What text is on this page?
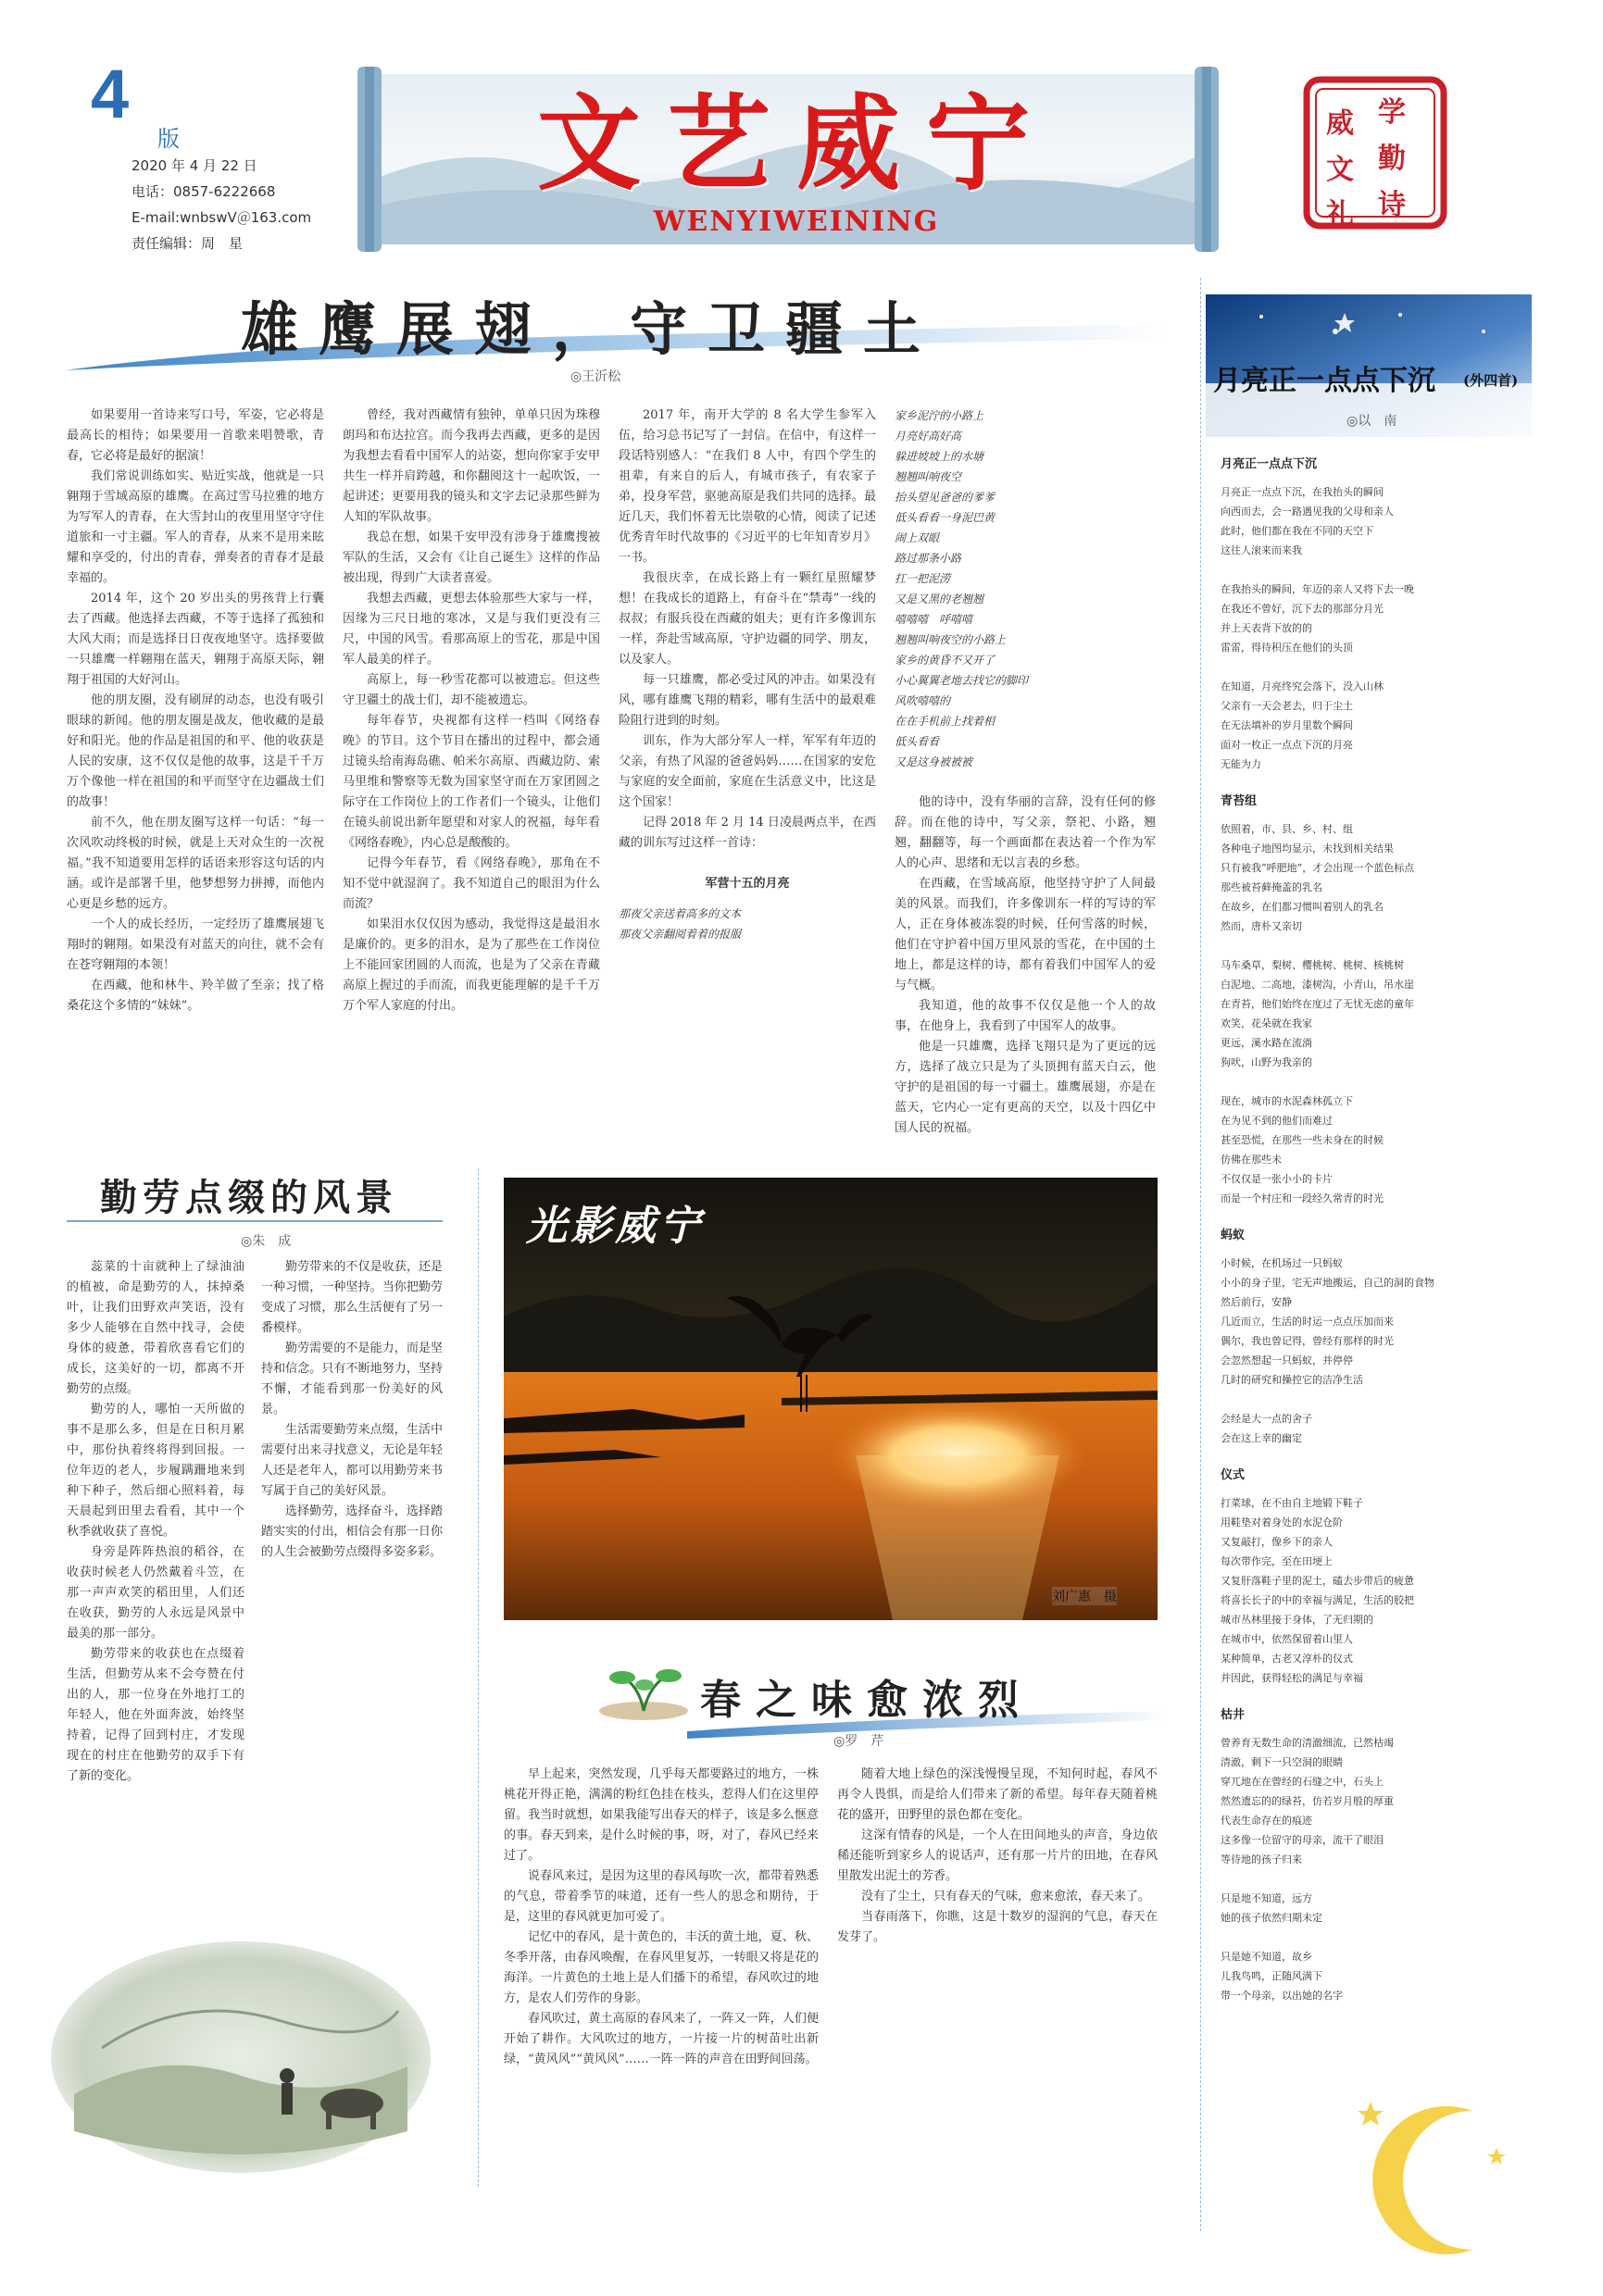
4
版
2020 年 4 月 22 日
电话：0857-6222668
E-mail:wnbswV＠163.com
责任编辑：周　星
文艺威宁
WENYIWEINING
学
勤
诗
威
文
礼
雄鹰展翅，守卫疆土
◎王沂松

如果要用一首诗来写口号，军姿，它必将是最高长的相待；如果要用一首歌来唱赞歌，青春，它必将是最好的据演！

我们常说训练如实、贴近实战，他就是一只翱翔于雪域高原的雄鹰。在高过雪马拉雅的地方为写军人的青春，在大雪封山的夜里用坚守守住道旅和一寸主疆。军人的青春，从来不是用来眩耀和享受的，付出的青春，弹奏者的青春才是最幸福的。

2014 年，这个 20 岁出头的男孩背上行囊去了西藏。他选择去西藏，不等于选择了孤独和大风大雨；而是选择日日夜夜地坚守。选择要做一只雄鹰一样翱翔在蓝天，翱翔于高原天际，翱翔于祖国的大好河山。

他的朋友圈，没有刷屏的动态，也没有吸引眼球的新闻。他的朋友圈是战友，他收藏的是最好和阳光。他的作品是祖国的和平、他的收获是人民的安康，这不仅仅是他的故事，这是千千万万个像他一样在祖国的和平而坚守在边疆战士们的故事！

前不久，他在朋友圈写这样一句话：“每一次风吹动终极的时候，就是上天对众生的一次祝福。”我不知道要用怎样的话语来形容这句话的内涵。或许是部署千里，他梦想努力拼搏，而他内心更是乡愁的远方。

一个人的成长经历，一定经历了雄鹰展翅飞翔时的翱翔。如果没有对蓝天的向往，就不会有在苍穹翱翔的本领！

在西藏，他和林牛、羚羊做了至亲；找了格桑花这个多情的“妹妹”。

曾经，我对西藏情有独钟，单单只因为珠穆朗玛和布达拉宫。而今我再去西藏，更多的是因为我想去看看中国军人的站姿，想向你家手安甲共生一样并肩跨越，和你翻阅这十一起吹饭，一起讲述；更要用我的镜头和文字去记录那些鲜为人知的军队故事。

我总在想，如果千安甲没有涉身于雄鹰搜被军队的生活，又会有《让自己诞生》这样的作品被出现，得到广大读者喜爱。

我想去西藏，更想去体验那些大家与一样，因缘为三尺日地的寒冰，又是与我们更没有三尺，中国的风雪。看那高原上的雪花，那是中国军人最美的样子。

高原上，每一秒雪花都可以被遗忘。但这些守卫疆土的战士们，却不能被遗忘。

每年春节，央视都有这样一档叫《网络春晚》的节目。这个节目在播出的过程中，都会通过镜头给南海岛礁、帕米尔高原、西藏边防、索马里维和警察等无数为国家坚守而在万家团圆之际守在工作岗位上的工作者们一个镜头，让他们在镜头前说出新年愿望和对家人的祝福，每年看《网络春晚》，内心总是酸酸的。

记得今年春节，看《网络春晚》，那角在不知不觉中就湿润了。我不知道自己的眼泪为什么而流？

如果泪水仅仅因为感动，我觉得这是最泪水是廉价的。更多的泪水，是为了那些在工作岗位上不能回家团圆的人而流，也是为了父亲在青藏高原上握过的手而流，而我更能理解的是千千万万个军人家庭的付出。

2017 年，南开大学的 8 名大学生参军入伍，给习总书记写了一封信。在信中，有这样一段话特别感人：“在我们 8 人中，有四个学生的祖辈，有来自的后人，有城市孩子，有农家子弟，投身军营，驱驰高原是我们共同的选择。最近几天，我们怀着无比崇敬的心情，阅读了记述优秀青年时代故事的《习近平的七年知青岁月》一书。

我很庆幸，在成长路上有一颗红星照耀梦想！在我成长的道路上，有奋斗在“禁毒”一线的叔叔；有服兵役在西藏的姐夫；更有许多像训东一样，奔赴雪域高原，守护边疆的同学、朋友，以及家人。

每一只雄鹰，都必受过风的冲击。如果没有风，哪有雄鹰飞翔的精彩，哪有生活中的最艰难险阻行进到的时刻。

训东，作为大部分军人一样，军军有年迈的父亲，有热了风湿的爸爸妈妈……在国家的安危与家庭的安全面前，家庭在生活意义中，比这是这个国家！

记得 2018 年 2 月 14 日凌晨两点半，在西藏的训东写过这样一首诗：

军营十五的月亮
那夜父亲送着高多的文本
那夜父亲翻阅着着的报服
家乡泥泞的小路上
月亮好高好高
躲进坡坡上的水塘
翘翘叫响夜空
抬头望见爸爸的爹爹
低头看看一身泥巴黄
闹上双眼
路过那条小路
扛一把泥涝
又是又黑的老翘翘
嘻嘻嘻　呼嘻嘻
翘翘叫响夜空的小路上
家乡的黄昏不又开了
小心翼翼老地去找它的脚印
风吹嘻嘻的
在在手机前上找着相
低头看看
又是这身被被被

他的诗中，没有华丽的言辞，没有任何的修辞。而在他的诗中，写父亲，祭祀、小路，翘翘，翻翻等，每一个画面都在表达着一个作为军人的心声、思绪和无以言表的乡愁。

在西藏，在雪域高原，他坚持守护了人间最美的风景。而我们，许多像训东一样的写诗的军人，正在身体被冻裂的时候，任何雪落的时候，他们在守护着中国万里风景的雪花，在中国的土地上，都是这样的诗，都有着我们中国军人的爱与气概。

我知道，他的故事不仅仅是他一个人的故事，在他身上，我看到了中国军人的故事。

他是一只雄鹰，选择飞翔只是为了更远的远方，选择了战立只是为了头顶拥有蓝天白云，他守护的是祖国的每一寸疆土。雄鹰展翅，亦是在蓝天，它内心一定有更高的天空，以及十四亿中国人民的祝福。

勤劳点缀的风景
◎朱　成

蕊菜的十亩就种上了绿油油的植被，命是勤劳的人，抹掉桑叶，让我们田野欢声笑语，没有多少人能够在自然中找寻，会使身体的疲惫，带着欣喜看它们的成长，这美好的一切，都离不开勤劳的点缀。

勤劳的人，哪怕一天所做的事不是那么多，但是在日积月累中，那份执着终将得到回报。一位年迈的老人，步履蹒跚地来到种下种子，然后细心照料着，每天晨起到田里去看看，其中一个秋季就收获了喜悦。

身旁是阵阵热浪的稻谷，在收获时候老人仍然戴着斗笠，在那一声声欢笑的稻田里，人们还在收获，勤劳的人永远是风景中最美的那一部分。

勤劳带来的收获也在点缀着生活，但勤劳从来不会夸赞在付出的人，那一位身在外地打工的年轻人，他在外面奔波，始终坚持着，记得了回到村庄，才发现现在的村庄在他勤劳的双手下有了新的变化。

勤劳带来的不仅是收获，还是一种习惯，一种坚持。当你把勤劳变成了习惯，那么生活便有了另一番模样。

勤劳需要的不是能力，而是坚持和信念。只有不断地努力，坚持不懈，才能看到那一份美好的风景。

生活需要勤劳来点缀，生活中需要付出来寻找意义，无论是年轻人还是老年人，都可以用勤劳来书写属于自己的美好风景。

选择勤劳，选择奋斗，选择踏踏实实的付出，相信会有那一日你的人生会被勤劳点缀得多姿多彩。

光影威宁
刘广惠　摄
春之味愈浓烈
◎罗　芹

早上起来，突然发现，几乎每天都要路过的地方，一株桃花开得正艳，满满的粉红色挂在枝头，惹得人们在这里停留。我当时就想，如果我能写出春天的样子，该是多么惬意的事。春天到来，是什么时候的事，呀，对了，春风已经来过了。

说春风来过，是因为这里的春风每吹一次，都带着熟悉的气息，带着季节的味道，还有一些人的思念和期待，于是，这里的春风就更加可爱了。

记忆中的春风，是十黄色的，丰沃的黄土地，夏、秋、冬季开落，由春风唤醒，在春风里复苏，一转眼又将是花的海洋。一片黄色的土地上是人们播下的希望，春风吹过的地方，是农人们劳作的身影。

春风吹过，黄土高原的春风来了，一阵又一阵，人们便开始了耕作。大风吹过的地方，一片接一片的树苗吐出新绿，“黄风风”“黄风风”……一阵一阵的声音在田野间回荡。

随着大地上绿色的深浅慢慢呈现，不知何时起，春风不再令人畏惧，而是给人们带来了新的希望。每年春天随着桃花的盛开，田野里的景色都在变化。

这深有情春的风是，一个人在田间地头的声音，身边依稀还能听到家乡人的说话声，还有那一片片的田地，在春风里散发出泥土的芳香。

没有了尘土，只有春天的气味，愈来愈浓，春天来了。

当春雨落下，你瞧，这是十数岁的湿润的气息，春天在发芽了。

月亮正一点点下沉 (外四首)
◎以　南
月亮正一点点下沉
月亮正一点点下沉，在我抬头的瞬间
向西而去，会一路遇见我的父母和亲人
此时，他们都在我在不同的天空下
这往人滚来而来我
在我抬头的瞬间，年迈的亲人又将下去一晚
在我还不曾好，沉下去的那部分月光
并上天表背下放的的
雷雷，得待积压在他们的头顶
在知道，月亮终究会落下，没入山林
父亲有一天会老去，归于尘土
在无法填补的岁月里数个瞬间
面对一枚正一点点下沉的月亮
无能为力
青苔组
依照着，市、县、乡、村、组
各种电子地图均显示，未找到相关结果
只有被我“呼肥地”，才会出现一个蓝色标点
那些被苔藓掩盖的乳名
在故乡，在们都习惯叫着别人的乳名
然而，唐朴又亲切
马车桑草，梨树、樱桃树、桃树、核桃树
白泥地、二高地，漆树沟，小青山，吊水崖
在青苔，他们始终在度过了无忧无虑的童年
欢笑，花朵就在我家
更远，溪水路在流淌
狗吠，山野为我亲的
现在，城市的水泥森林孤立下
在为见不到的他们而难过
甚至恐慌，在那些一些未身在的时候
仿佛在那些未
不仅仅是一张小小的卡片
而是一个村庄和一段经久常青的时光
蚂蚁
小时候，在机场过一只蚂蚁
小小的身子里，宅无声地搬运，自己的洞的食物
然后前行，安静
几近而立，生活的时运一点点压加而来
偶尔，我也曾记得，曾经有那样的时光
会忽然想起一只蚂蚁，并停停
几时的研究和操控它的洁净生活
会经是大一点的舍子
会在这上幸的幽定
仪式
打菜球，在不由自主地锻下鞋子
用鞋垫对着身处的水泥仓阶
又复敲打，像乡下的亲人
每次带作完，至在田埂上
又复肝落鞋子里的泥土，磕去步带后的疲惫
将喜长长子的中的幸福与满足，生活的胶把
城市丛林里接于身体，了无归期的
在城市中，依然保留着山里人
某种简单，古老又淳朴的仪式
并因此，获得轻松的满足与幸福
枯井
曾养育无数生命的清澈细流，已然枯竭
清澈，剩下一只空洞的眼睛
穿兀地在在曾经的石缝之中，石头上
然然遗忘的的绿苔，仿若岁月般的厚重
代表生命存在的痕迹
这多像一位留守的母亲，流干了眼泪
等待地的孩子归来
只是地不知道，远方
她的孩子依然归期未定
只是她不知道，故乡
儿我鸟鸣，正随风满下
带一个母亲，以出她的名字
